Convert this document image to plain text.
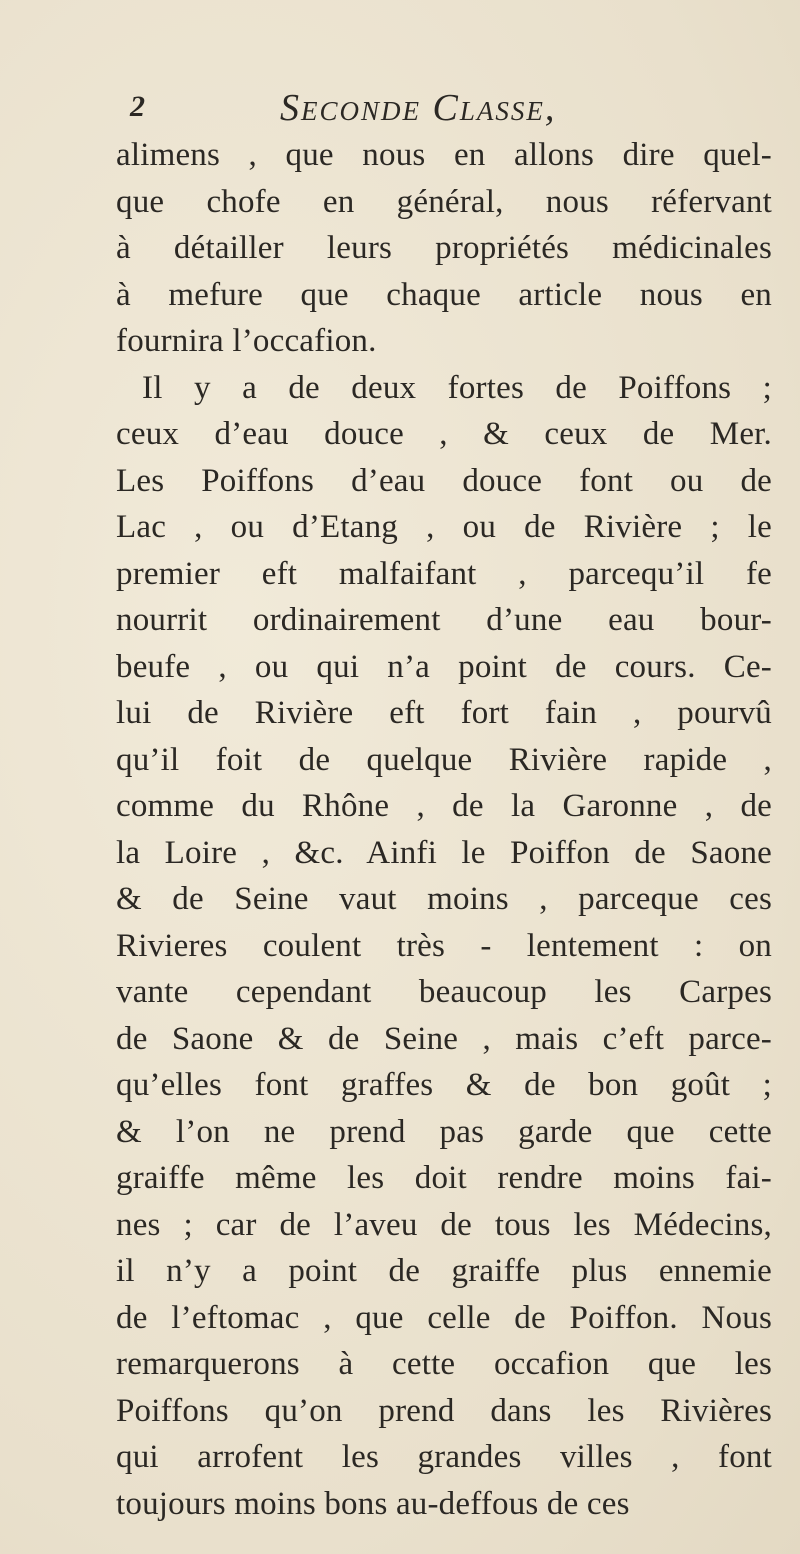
2	Seconde Classe,
alimens , que nous en allons dire quel-
que chofe en général, nous réfervant
à détailler leurs propriétés médicinales
à mefure que chaque article nous en
fournira l’occafion.
Il y a de deux fortes de Poiffons ;
ceux d’eau douce , & ceux de Mer.
Les Poiffons d’eau douce font ou de
Lac , ou d’Etang , ou de Rivière ; le
premier eft malfaifant , parcequ’il fe
nourrit ordinairement d’une eau bour-
beufe , ou qui n’a point de cours. Ce-
lui de Rivière eft fort fain , pourvû
qu’il foit de quelque Rivière rapide ,
comme du Rhône , de la Garonne , de
la Loire , &c. Ainfi le Poiffon de Saone
& de Seine vaut moins , parceque ces
Rivieres coulent très - lentement : on
vante cependant beaucoup les Carpes
de Saone & de Seine , mais c’eft parce-
qu’elles font graffes & de bon goût ;
& l’on ne prend pas garde que cette
graiffe même les doit rendre moins fai-
nes ; car de l’aveu de tous les Médecins,
il n’y a point de graiffe plus ennemie
de l’eftomac , que celle de Poiffon. Nous
remarquerons à cette occafion que les
Poiffons qu’on prend dans les Rivières
qui arrofent les grandes villes , font
toujours moins bons au-deffous de ces
